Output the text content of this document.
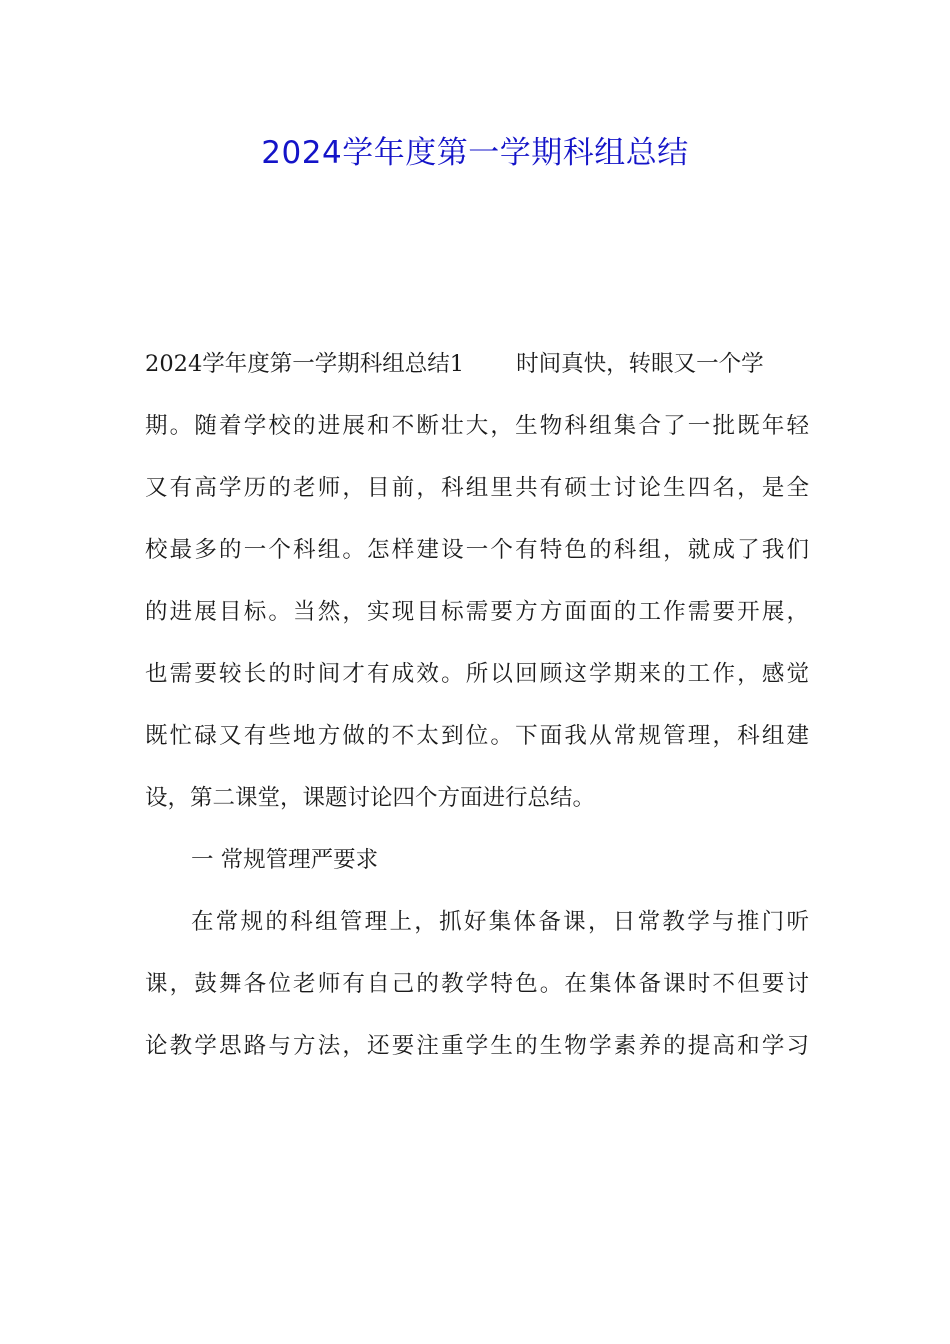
2024学年度第一学期科组总结
2024学年度第一学期科组总结1 时间真快，转眼又一个学
期。随着学校的进展和不断壮大，生物科组集合了一批既年轻
又有高学历的老师，目前，科组里共有硕士讨论生四名，是全
校最多的一个科组。怎样建设一个有特色的科组，就成了我们
的进展目标。当然，实现目标需要方方面面的工作需要开展，
也需要较长的时间才有成效。所以回顾这学期来的工作，感觉
既忙碌又有些地方做的不太到位。下面我从常规管理，科组建
设，第二课堂，课题讨论四个方面进行总结。
一 常规管理严要求
在常规的科组管理上，抓好集体备课，日常教学与推门听
课，鼓舞各位老师有自己的教学特色。在集体备课时不但要讨
论教学思路与方法，还要注重学生的生物学素养的提高和学习
